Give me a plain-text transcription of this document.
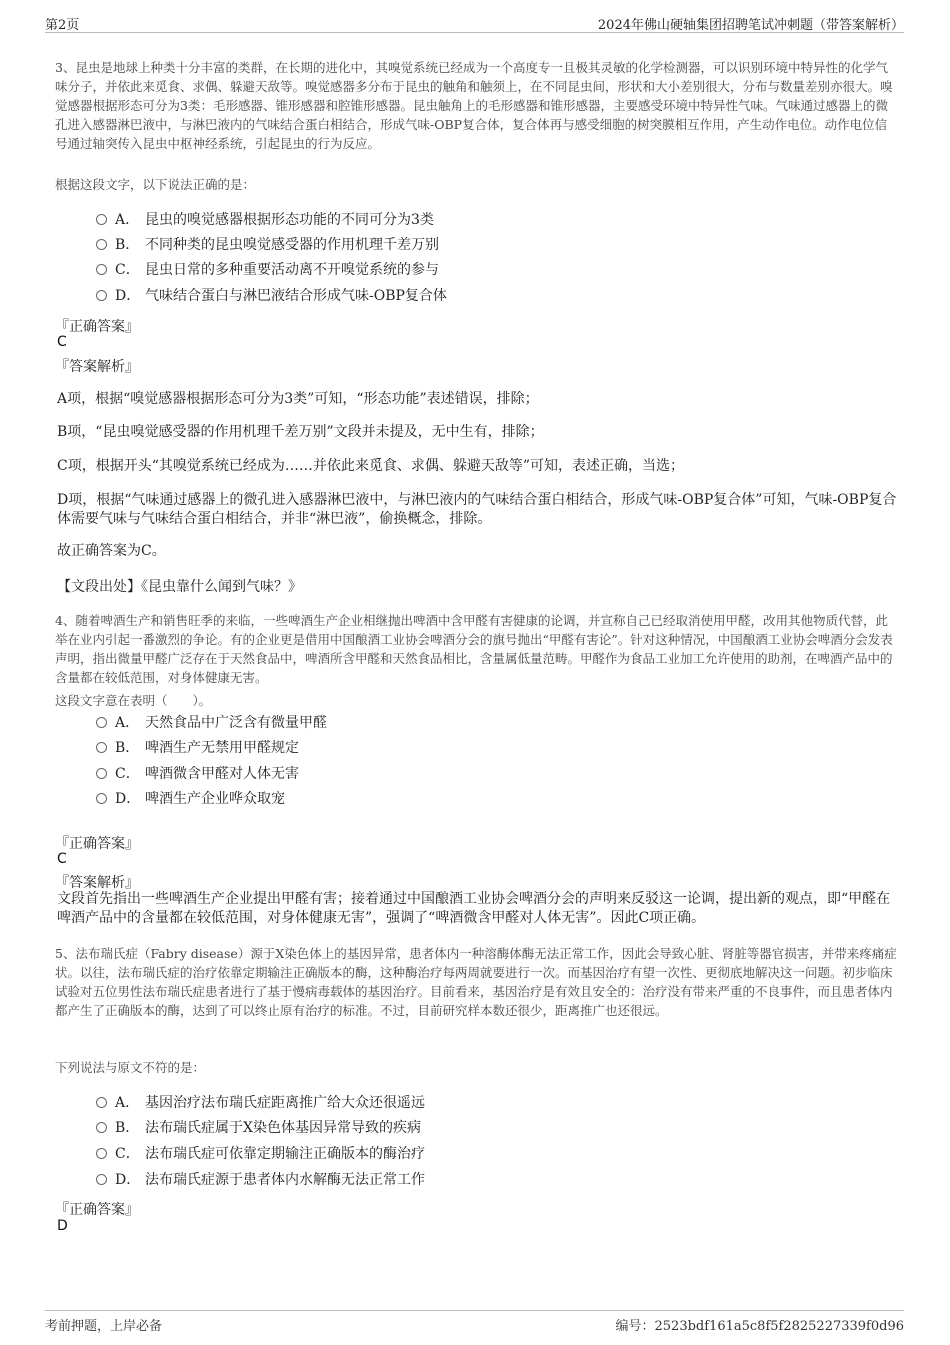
第2页	2024年佛山硬轴集团招聘笔试冲刺题（带答案解析）
3、昆虫是地球上种类十分丰富的类群，在长期的进化中，其嗅觉系统已经成为一个高度专一且极其灵敏的化学检测器，可以识别环境中特异性的化学气味分子，并依此来觅食、求偶、躲避天敌等。嗅觉感器多分布于昆虫的触角和触须上，在不同昆虫间，形状和大小差别很大，分布与数量差别亦很大。嗅觉感器根据形态可分为3类：毛形感器、锥形感器和腔锥形感器。昆虫触角上的毛形感器和锥形感器，主要感受环境中特异性气味。气味通过感器上的微孔进入感器淋巴液中，与淋巴液内的气味结合蛋白相结合，形成气味-OBP复合体，复合体再与感受细胞的树突膜相互作用，产生动作电位。动作电位信号通过轴突传入昆虫中枢神经系统，引起昆虫的行为反应。
根据这段文字，以下说法正确的是：
A． 昆虫的嗅觉感器根据形态功能的不同可分为3类
B． 不同种类的昆虫嗅觉感受器的作用机理千差万别
C． 昆虫日常的多种重要活动离不开嗅觉系统的参与
D． 气味结合蛋白与淋巴液结合形成气味-OBP复合体
『正确答案』
C
『答案解析』
A项，根据“嗅觉感器根据形态可分为3类”可知，“形态功能”表述错误，排除；
B项，“昆虫嗅觉感受器的作用机理千差万别”文段并未提及，无中生有，排除；
C项，根据开头“其嗅觉系统已经成为……并依此来觅食、求偶、躲避天敌等”可知，表述正确，当选；
D项，根据“气味通过感器上的微孔进入感器淋巴液中，与淋巴液内的气味结合蛋白相结合，形成气味-OBP复合体”可知，气味-OBP复合体需要气味与气味结合蛋白相结合，并非“淋巴液”，偷换概念，排除。
故正确答案为C。
【文段出处】《昆虫靠什么闻到气味？》
4、随着啤酒生产和销售旺季的来临，一些啤酒生产企业相继抛出啤酒中含甲醛有害健康的论调，并宣称自己已经取消使用甲醛，改用其他物质代替，此举在业内引起一番激烈的争论。有的企业更是借用中国酿酒工业协会啤酒分会的旗号抛出“甲醛有害论”。针对这种情况，中国酿酒工业协会啤酒分会发表声明，指出微量甲醛广泛存在于天然食品中，啤酒所含甲醛和天然食品相比，含量属低量范畴。甲醛作为食品工业加工允许使用的助剂，在啤酒产品中的含量都在较低范围，对身体健康无害。
这段文字意在表明（　　）。
A． 天然食品中广泛含有微量甲醛
B． 啤酒生产无禁用甲醛规定
C． 啤酒微含甲醛对人体无害
D． 啤酒生产企业哗众取宠
『正确答案』
C
『答案解析』
文段首先指出一些啤酒生产企业提出甲醛有害；接着通过中国酿酒工业协会啤酒分会的声明来反驳这一论调，提出新的观点，即“甲醛在啤酒产品中的含量都在较低范围，对身体健康无害”，强调了“啤酒微含甲醛对人体无害”。因此C项正确。
5、法布瑞氏症（Fabry disease）源于X染色体上的基因异常，患者体内一种溶酶体酶无法正常工作，因此会导致心脏、肾脏等器官损害，并带来疼痛症状。以往，法布瑞氏症的治疗依靠定期输注正确版本的酶，这种酶治疗每两周就要进行一次。而基因治疗有望一次性、更彻底地解决这一问题。初步临床试验对五位男性法布瑞氏症患者进行了基于慢病毒载体的基因治疗。目前看来，基因治疗是有效且安全的：治疗没有带来严重的不良事件，而且患者体内都产生了正确版本的酶，达到了可以终止原有治疗的标准。不过，目前研究样本数还很少，距离推广也还很远。
下列说法与原文不符的是：
A． 基因治疗法布瑞氏症距离推广给大众还很遥远
B． 法布瑞氏症属于X染色体基因异常导致的疾病
C． 法布瑞氏症可依靠定期输注正确版本的酶治疗
D． 法布瑞氏症源于患者体内水解酶无法正常工作
『正确答案』
D
考前押题，上岸必备	编号：2523bdf161a5c8f5f2825227339f0d96
